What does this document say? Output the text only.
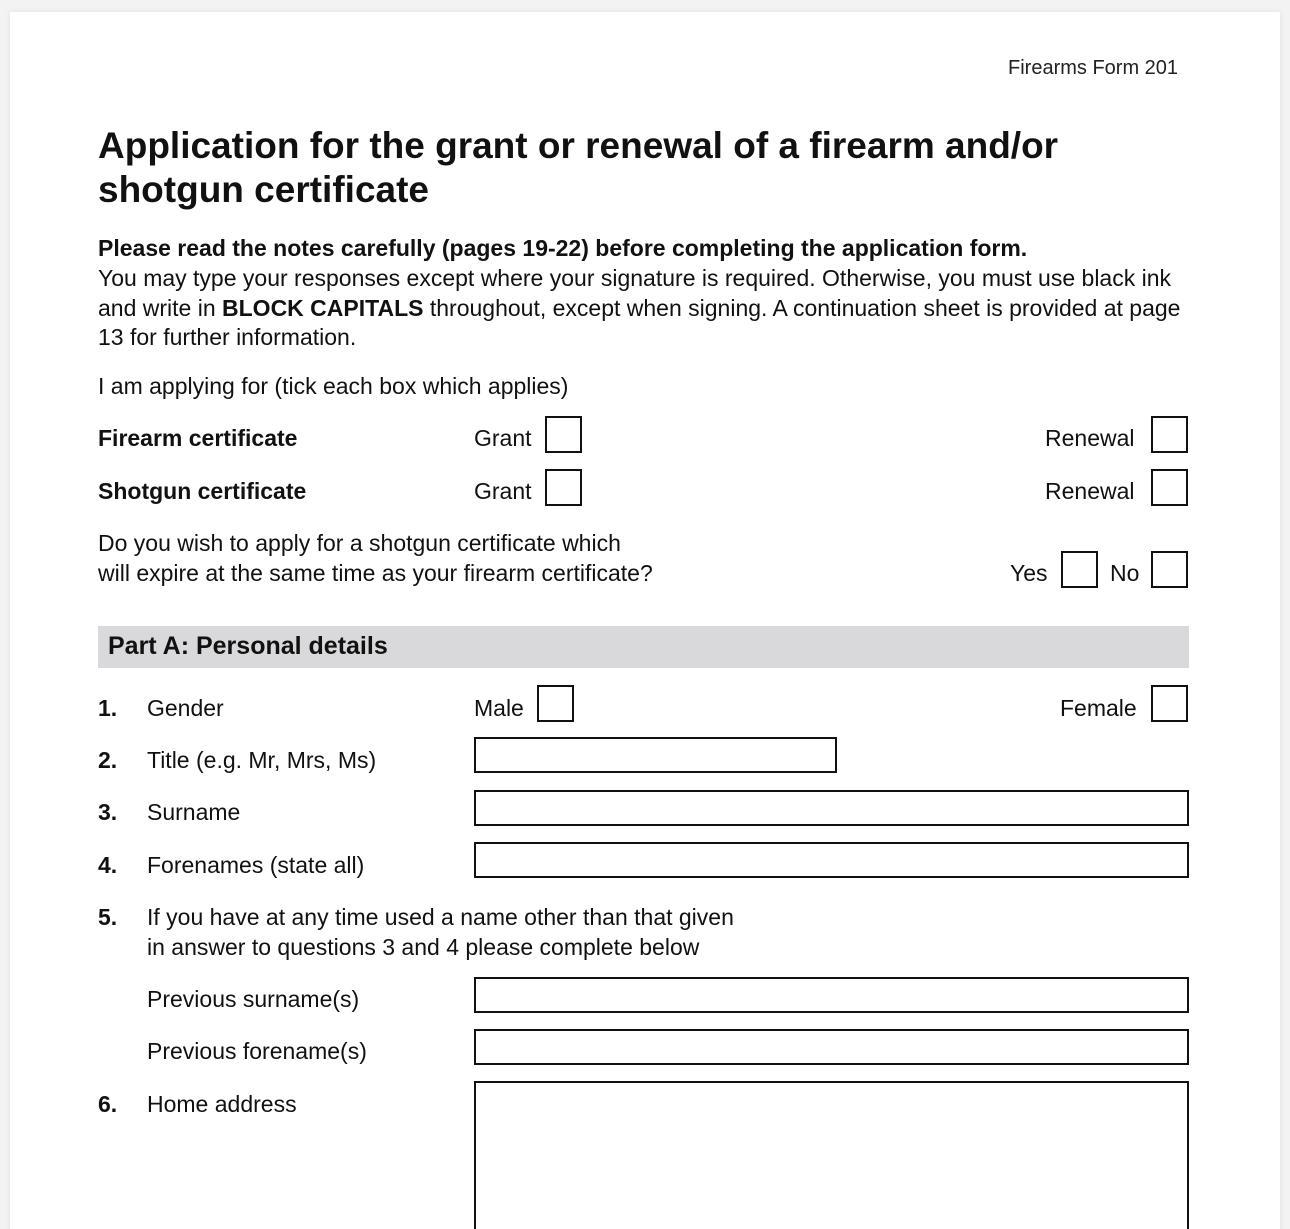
Firearms Form 201
Application for the grant or renewal of a firearm and/or shotgun certificate
Please read the notes carefully (pages 19-22) before completing the application form.
You may type your responses except where your signature is required. Otherwise, you must use black ink and write in BLOCK CAPITALS throughout, except when signing. A continuation sheet is provided at page 13 for further information.
I am applying for (tick each box which applies)
Firearm certificate	Grant	Renewal
Shotgun certificate	Grant	Renewal
Do you wish to apply for a shotgun certificate which
will expire at the same time as your firearm certificate?	Yes	No
Part A: Personal details
1. Gender	Male	Female
2. Title (e.g. Mr, Mrs, Ms)
3. Surname
4. Forenames (state all)
5. If you have at any time used a name other than that given
in answer to questions 3 and 4 please complete below
Previous surname(s)
Previous forename(s)
6. Home address
